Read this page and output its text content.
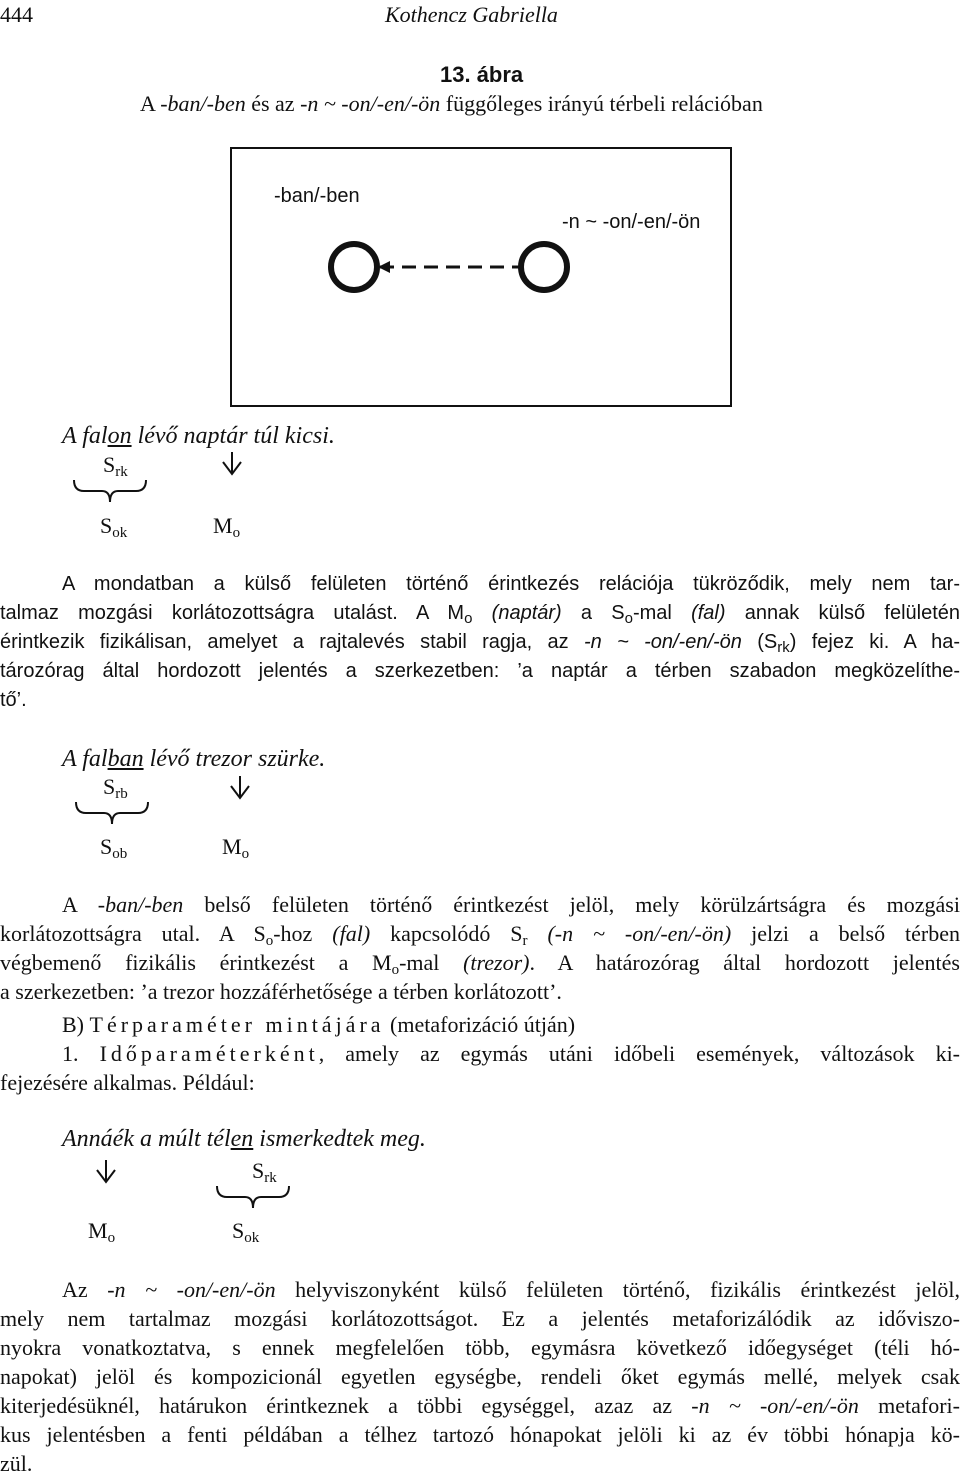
444	Kothencz Gabriella
13. ábra
A -ban/-ben és az -n ~ -on/-en/-ön függőleges irányú térbeli relációban
-ban/-ben
-n ~ -on/-en/-ön
A falon lévő naptár túl kicsi.
$S_{rk}$
$S_{ok}$	$M_o$
A mondatban a külső felületen történő érintkezés relációja tükröződik, mely nem tar-
talmaz mozgási korlátozottságra utalást. A $M_o$ (naptár) a $S_o$-mal (fal) annak külső felületén
érintkezik fizikálisan, amelyet a rajtalevés stabil ragja, az -n ~ -on/-en/-ön $(S_{rk})$ fejez ki. A ha-
tározórag által hordozott jelentés a szerkezetben: ’a naptár a térben szabadon megközelíthe-
tő’.
A falban lévő trezor szürke.
$S_{rb}$
$S_{ob}$	$M_o$
A -ban/-ben belső felületen történő érintkezést jelöl, mely körülzártságra és mozgási
korlátozottságra utal. A $S_o$-hoz (fal) kapcsolódó $S_r$ (-n ~ -on/-en/-ön) jelzi a belső térben
végbemenő fizikális érintkezést a $M_o$-mal (trezor). A határozórag által hordozott jelentés
a szerkezetben: ’a trezor hozzáférhetősége a térben korlátozott’.
B) Térparaméter mintájára (metaforizáció útján)
1. Időparaméterként, amely az egymás utáni időbeli események, változások ki-
fejezésére alkalmas. Például:
Annáék a múlt télen ismerkedtek meg.
$S_{rk}$
$M_o$	$S_{ok}$
Az -n ~ -on/-en/-ön helyviszonyként külső felületen történő, fizikális érintkezést jelöl,
mely nem tartalmaz mozgási korlátozottságot. Ez a jelentés metaforizálódik az időviszo-
nyokra vonatkoztatva, s ennek megfelelően több, egymásra következő időegységet (téli hó-
napokat) jelöl és kompozicionál egyetlen egységbe, rendeli őket egymás mellé, melyek csak
kiterjedésüknél, határukon érintkeznek a többi egységgel, azaz az -n ~ -on/-en/-ön metafori-
kus jelentésben a fenti példában a télhez tartozó hónapokat jelöli ki az év többi hónapja kö-
zül.
